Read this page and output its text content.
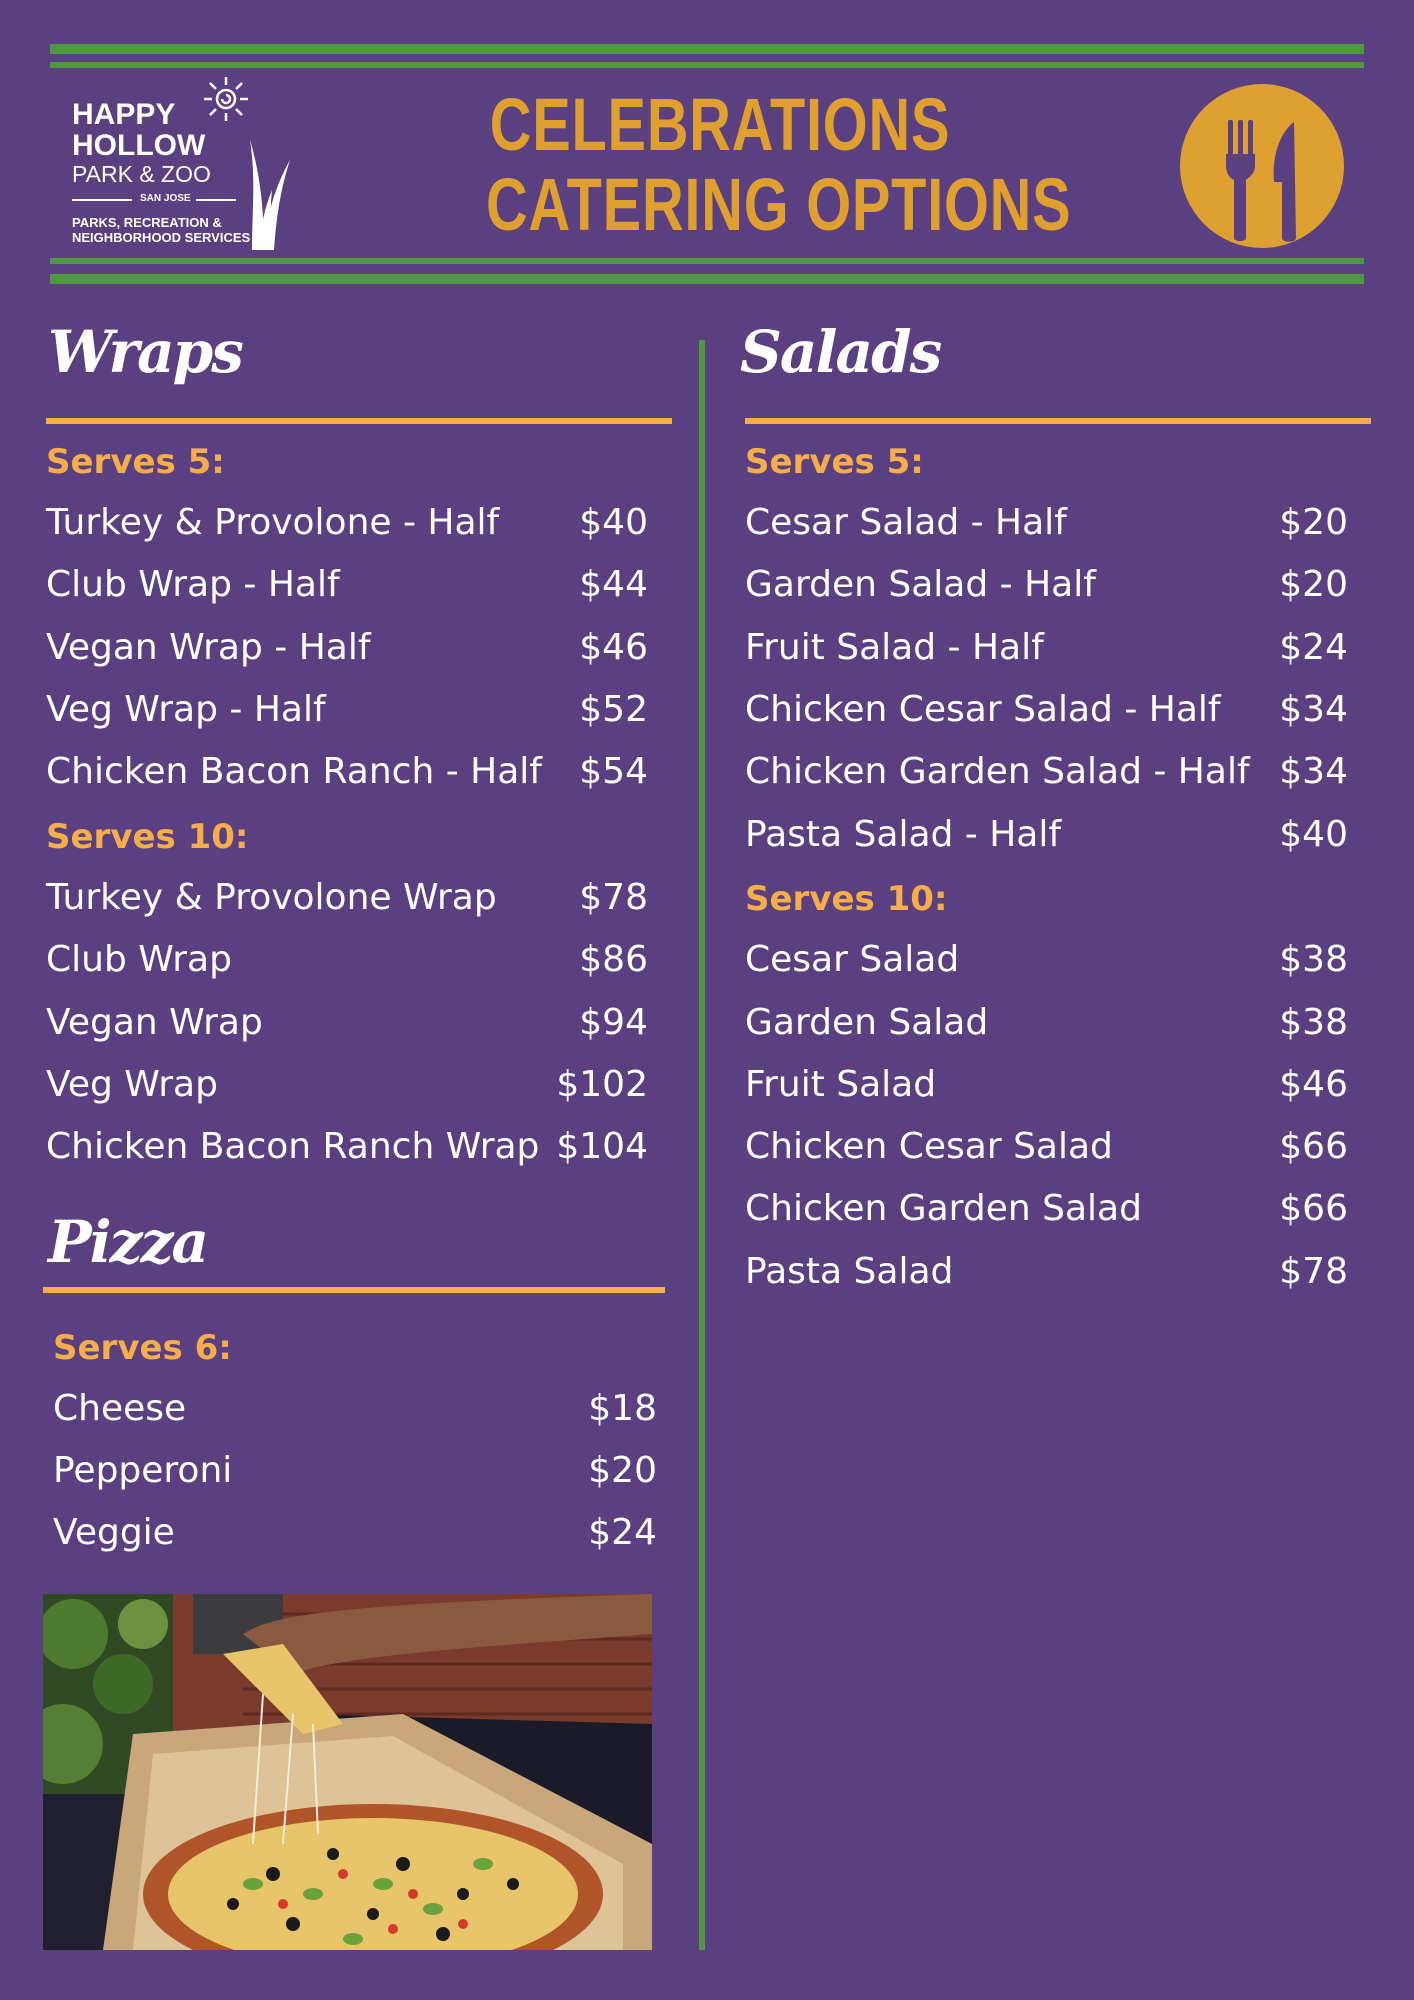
HAPPY
HOLLOW
PARK & ZOO
SAN JOSE
PARKS, RECREATION &
NEIGHBORHOOD SERVICES
CELEBRATIONS
CATERING OPTIONS
Wraps
Serves 5:
Turkey & Provolone - Half	$40
Club Wrap - Half	$44
Vegan Wrap - Half	$46
Veg Wrap - Half	$52
Chicken Bacon Ranch - Half	$54
Serves 10:
Turkey & Provolone Wrap	$78
Club Wrap	$86
Vegan Wrap	$94
Veg Wrap	$102
Chicken Bacon Ranch Wrap $104
Pizza
Serves 6:
Cheese	$18
Pepperoni	$20
Veggie	$24
Salads
Serves 5:
Cesar Salad - Half	$20
Garden Salad - Half	$20
Fruit Salad - Half	$24
Chicken Cesar Salad - Half	$34
Chicken Garden Salad - Half $34
Pasta Salad - Half	$40
Serves 10:
Cesar Salad	$38
Garden Salad	$38
Fruit Salad	$46
Chicken Cesar Salad	$66
Chicken Garden Salad	$66
Pasta Salad	$78
